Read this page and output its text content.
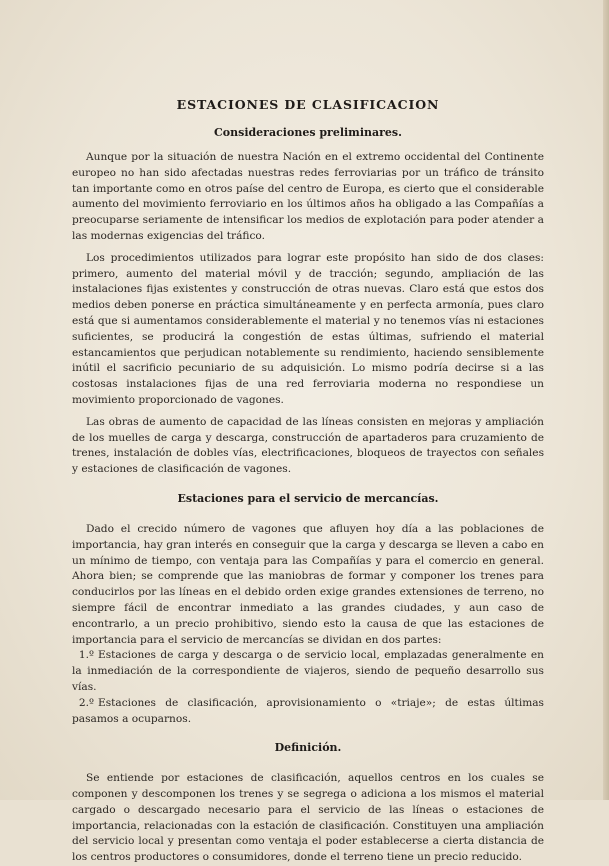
ESTACIONES DE CLASIFICACION
Consideraciones preliminares.

Aunque por la situación de nuestra Nación en el extremo occidental del Continente europeo no han sido afectadas nuestras redes ferroviarias por un tráfico de tránsito tan importante como en otros paíse del centro de Europa, es cierto que el considerable aumento del movimiento ferroviario en los últimos años ha obligado a las Compañías a preocuparse seriamente de intensificar los medios de explotación para poder atender a las modernas exigencias del tráfico.

Los procedimientos utilizados para lograr este propósito han sido de dos clases: primero, aumento del material móvil y de tracción; segundo, ampliación de las instalaciones fijas existentes y construcción de otras nuevas. Claro está que estos dos medios deben ponerse en práctica simultáneamente y en perfecta armonía, pues claro está que si aumentamos considerablemente el material y no tenemos vías ni estaciones suficientes, se producirá la congestión de estas últimas, sufriendo el material estancamientos que perjudican notablemente su rendimiento, haciendo sensiblemente inútil el sacrificio pecuniario de su adquisición. Lo mismo podría decirse si a las costosas instalaciones fijas de una red ferroviaria moderna no respondiese un movimiento proporcionado de vagones.

Las obras de aumento de capacidad de las líneas consisten en mejoras y ampliación de los muelles de carga y descarga, construcción de apartaderos para cruzamiento de trenes, instalación de dobles vías, electrificaciones, bloqueos de trayectos con señales y estaciones de clasificación de vagones.

Estaciones para el servicio de mercancías.

Dado el crecido número de vagones que afluyen hoy día a las poblaciones de importancia, hay gran interés en conseguir que la carga y descarga se lleven a cabo en un mínimo de tiempo, con ventaja para las Compañías y para el comercio en general. Ahora bien; se comprende que las maniobras de formar y componer los trenes para conducirlos por las líneas en el debido orden exige grandes extensiones de terreno, no siempre fácil de encontrar inmediato a las grandes ciudades, y aun caso de encontrarlo, a un precio prohibitivo, siendo esto la causa de que las estaciones de importancia para el servicio de mercancías se dividan en dos partes:

1.º Estaciones de carga y descarga o de servicio local, emplazadas generalmente en la inmediación de la correspondiente de viajeros, siendo de pequeño desarrollo sus vías.

2.º Estaciones de clasificación, aprovisionamiento o «triaje»; de estas últimas pasamos a ocuparnos.

Definición.

Se entiende por estaciones de clasificación, aquellos centros en los cuales se componen y descomponen los trenes y se segrega o adiciona a los mismos el material cargado o descargado necesario para el servicio de las líneas o estaciones de importancia, relacionadas con la estación de clasificación. Constituyen una ampliación del servicio local y presentan como ventaja el poder establecerse a cierta distancia de los centros productores o consumidores, donde el terreno tiene un precio reducido.
